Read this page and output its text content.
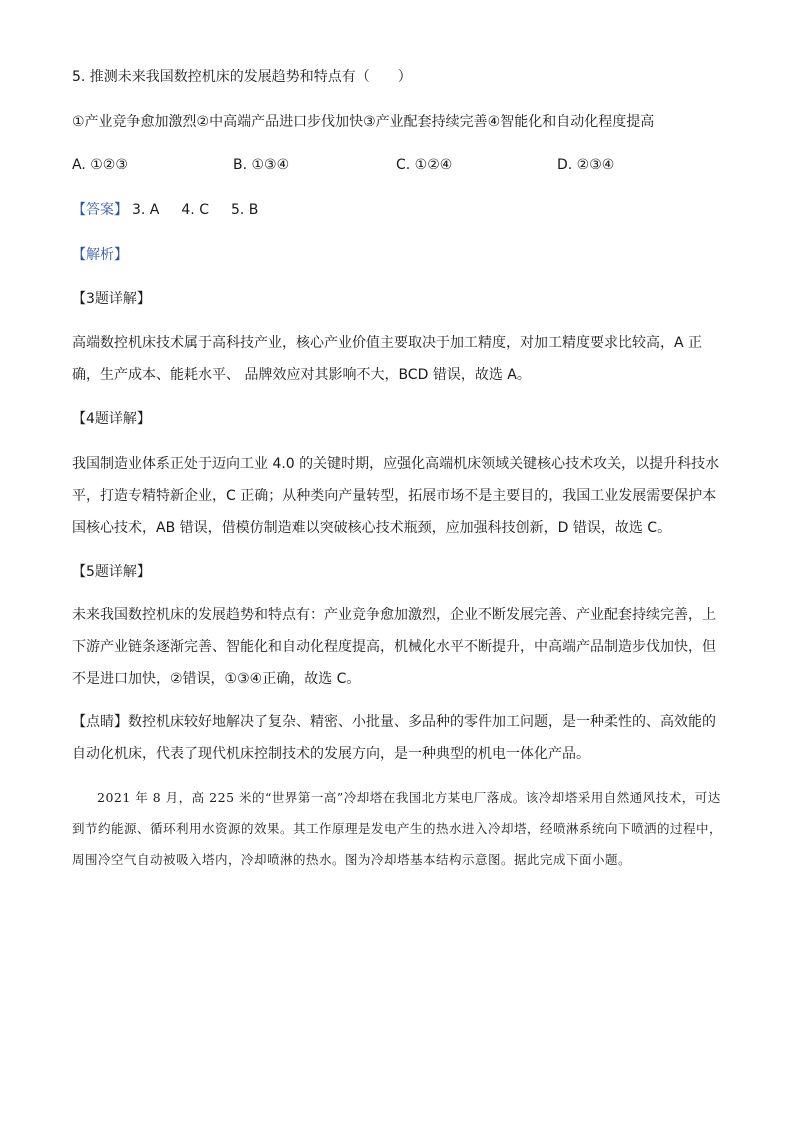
5. 推测未来我国数控机床的发展趋势和特点有（　　）
①产业竞争愈加激烈②中高端产品进口步伐加快③产业配套持续完善④智能化和自动化程度提高
A. ①②③	B. ①③④	C. ①②④	D. ②③④
【答案】 3. A 4. C 5. B
【解析】
【3题详解】
高端数控机床技术属于高科技产业，核心产业价值主要取决于加工精度，对加工精度要求比较高，A 正确，生产成本、能耗水平、 品牌效应对其影响不大，BCD 错误，故选 A。
【4题详解】
我国制造业体系正处于迈向工业 4.0 的关键时期，应强化高端机床领域关键核心技术攻关，以提升科技水平，打造专精特新企业，C 正确；从种类向产量转型，拓展市场不是主要目的，我国工业发展需要保护本国核心技术，AB 错误，借模仿制造难以突破核心技术瓶颈，应加强科技创新，D 错误，故选 C。
【5题详解】
未来我国数控机床的发展趋势和特点有：产业竞争愈加激烈，企业不断发展完善、产业配套持续完善，上下游产业链条逐渐完善、智能化和自动化程度提高，机械化水平不断提升，中高端产品制造步伐加快，但不是进口加快，②错误，①③④正确，故选 C。
【点睛】数控机床较好地解决了复杂、精密、小批量、多品种的零件加工问题，是一种柔性的、高效能的自动化机床，代表了现代机床控制技术的发展方向，是一种典型的机电一体化产品。
2021 年 8 月，高 225 米的“世界第一高”冷却塔在我国北方某电厂落成。该冷却塔采用自然通风技术，可达到节约能源、循环利用水资源的效果。其工作原理是发电产生的热水进入冷却塔，经喷淋系统向下喷洒的过程中，周围冷空气自动被吸入塔内，冷却喷淋的热水。图为冷却塔基本结构示意图。据此完成下面小题。
